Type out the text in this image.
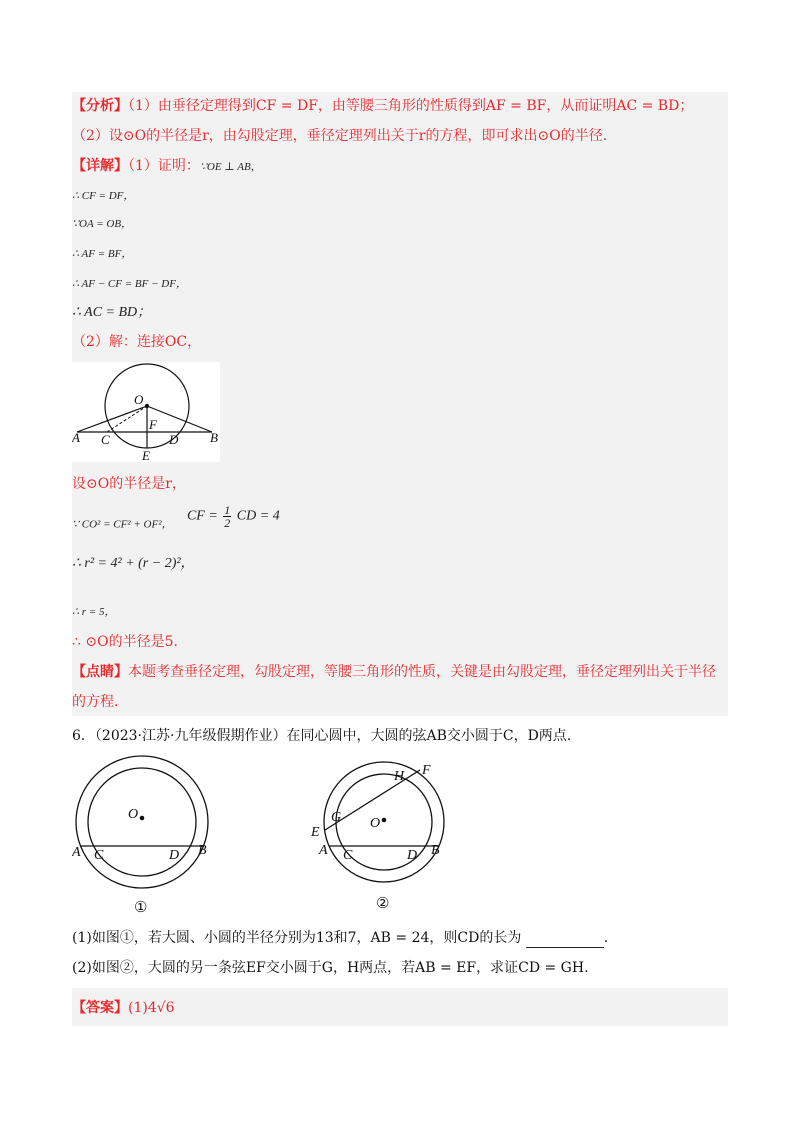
【分析】（1）由垂径定理得到CF = DF，由等腰三角形的性质得到AF = BF，从而证明AC = BD；
（2）设⊙O的半径是r，由勾股定理，垂径定理列出关于r的方程，即可求出⊙O的半径.
【详解】（1）证明：∵OE ⊥ AB，
∴ CF = DF，
∵OA = OB，
∴ AF = BF，
∴ AF − CF = BF − DF，
∴ AC = BD；
（2）解：连接OC，
O
A C
F
D B
E
设⊙O的半径是r，
∵ CO² = CF² + OF²， CF = $\frac{1}{2}$ CD = 4
∴ r² = 4² + (r − 2)²，
∴ r = 5，
∴ ⊙O的半径是5.
【点睛】本题考查垂径定理，勾股定理，等腰三角形的性质，关键是由勾股定理，垂径定理列出关于半径
的方程.
6．（2023·江苏·九年级假期作业）在同心圆中，大圆的弦AB交小圆于C，D两点.
O
A C	D B
①
H F
G O
E
A C	D B
②
(1)如图①，若大圆、小圆的半径分别为13和7，AB = 24，则CD的长为	.
(2)如图②，大圆的另一条弦EF交小圆于G，H两点，若AB = EF，求证CD = GH.
【答案】(1)4√6
